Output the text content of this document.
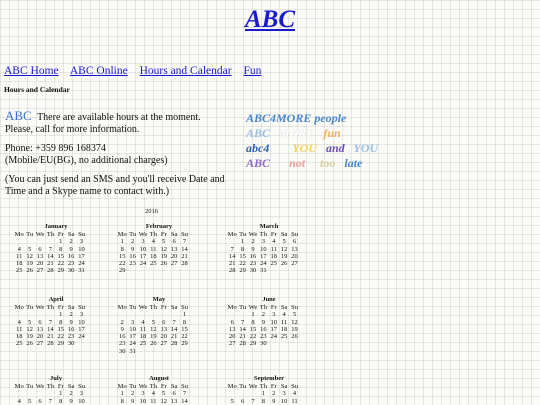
ABC
ABC Home ABC Online Hours and Calendar Fun
Hours and Calendar

ABC There are available hours at the moment.
Please, call for more information.

Phone: +359 896 168374
(Mobile/EU(BG), no additional charges)

(You can just send an SMS and you'll receive Date and Time and a Skype name to contact with.)

ABC4MORE people
ABC MORE fun
abc4 YOU and YOU
ABC not too late
2016
January
Mo	Tu	We	Th	Fr	Sa	Su
				1	2	3
4	5	6	7	8	9	10
11	12	13	14	15	16	17
18	19	20	21	22	23	24
25	26	27	28	29	30	31
February
Mo	Tu	We	Th	Fr	Sa	Su
1	2	3	4	5	6	7
8	9	10	11	12	13	14
15	16	17	18	19	20	21
22	23	24	25	26	27	28
29						
March
Mo	Tu	We	Th	Fr	Sa	Su
	1	2	3	4	5	6
7	8	9	10	11	12	13
14	15	16	17	18	19	20
21	22	23	24	25	26	27
28	29	30	31			
April
Mo	Tu	We	Th	Fr	Sa	Su
				1	2	3
4	5	6	7	8	9	10
11	12	13	14	15	16	17
18	19	20	21	22	23	24
25	26	27	28	29	30	
May
Mo	Tu	We	Th	Fr	Sa	Su
						1
2	3	4	5	6	7	8
9	10	11	12	13	14	15
16	17	18	19	20	21	22
23	24	25	26	27	28	29
30	31					
June
Mo	Tu	We	Th	Fr	Sa	Su
		1	2	3	4	5
6	7	8	9	10	11	12
13	14	15	16	17	18	19
20	21	22	23	24	25	26
27	28	29	30			
July
Mo	Tu	We	Th	Fr	Sa	Su
				1	2	3
4	5	6	7	8	9	10
August
Mo	Tu	We	Th	Fr	Sa	Su
1	2	3	4	5	6	7
8	9	10	11	12	13	14
September
Mo	Tu	We	Th	Fr	Sa	Su
			1	2	3	4
5	6	7	8	9	10	11
